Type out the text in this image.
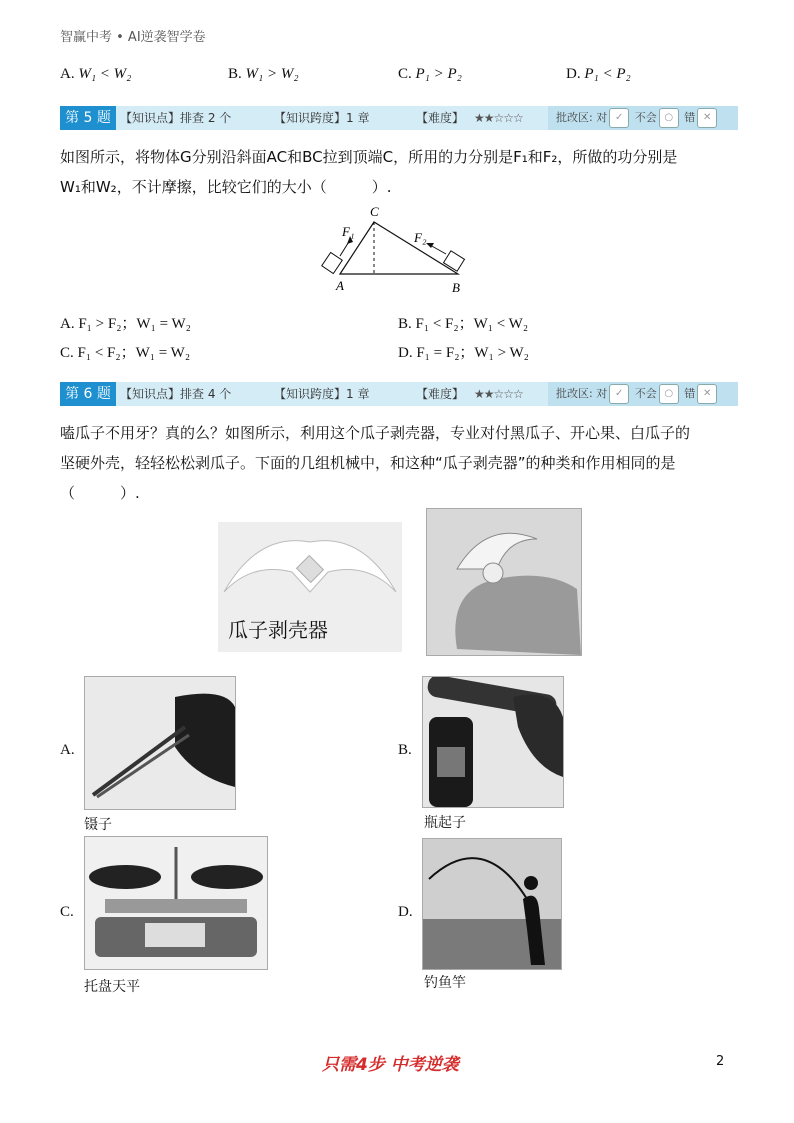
智赢中考 • AI逆袭智学卷
A. W₁ < W₂	B. W₁ > W₂	C. P₁ > P₂	D. P₁ < P₂
第 5 题 【知识点】排查 2 个	【知识跨度】1 章	【难度】 ★★☆☆☆	批改区: 对 ✓ 不会 ○ 错 ✕
如图所示，将物体G分别沿斜面AC和BC拉到顶端C，所用的力分别是F₁和F₂，所做的功分别是
W₁和W₂，不计摩擦，比较它们的大小（　　　）.
C
A	B
F₁	F₂
A. F₁ > F₂；W₁ = W₂	B. F₁ < F₂；W₁ < W₂
C. F₁ < F₂；W₁ = W₂	D. F₁ = F₂；W₁ > W₂
第 6 题 【知识点】排查 4 个	【知识跨度】1 章	【难度】 ★★☆☆☆	批改区: 对 ✓ 不会 ○ 错 ✕
嗑瓜子不用牙？真的么？如图所示，利用这个瓜子剥壳器，专业对付黑瓜子、开心果、白瓜子的
坚硬外壳，轻轻松松剥瓜子。下面的几组机械中，和这种“瓜子剥壳器”的种类和作用相同的是
（　　　）.
瓜子剥壳器
A.
镊子
B.
瓶起子
C.
托盘天平
D.
钓鱼竿
只需4步 中考逆袭	2
